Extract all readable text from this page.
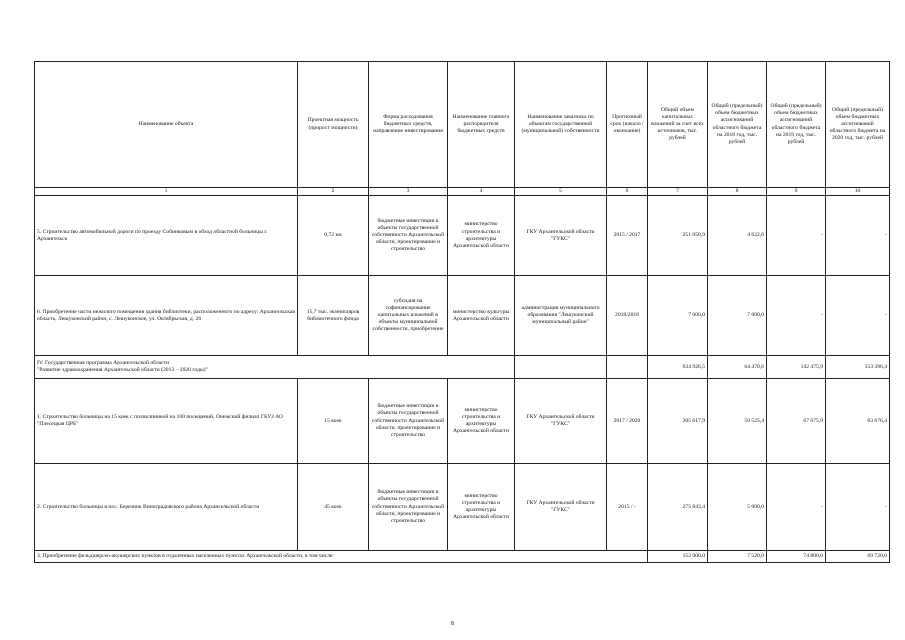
Наименование объекта	Проектная мощность (прирост мощности)	Форма расходования бюджетных средств, направление инвестирования	Наименование главного распорядителя бюджетных средств	Наименование заказчика по объектам государственной (муниципальной) собственности	Прогнозный срок (начало / окончание)	Общий объем капитальных вложений за счет всех источников, тыс. рублей	Общий (предельный) объем бюджетных ассигнований областного бюджета на 2018 год, тыс. рублей	Общий (предельный) объем бюджетных ассигнований областного бюджета на 2019 год, тыс. рублей	Общий (предельный) объем бюджетных ассигнований областного бюджета на 2020 год, тыс. рублей
1	2	3	4	5	6	7	8	9	10
5. Строительство автомобильной дороги по проезду Собинковым в обход областной больницы г. Архангельск	0,72 км	бюджетные инвестиции в объекты государственной собственности Архангельской области, проектирование и строительство	министерство строительства и архитектуры Архангельской области	ГКУ Архангельской области "ГУКС"	2015 / 2017	251 050,9	4 622,6	-	-
6. Приобретение части нежилого помещения здания библиотеки, расположенного по адресу: Архангельская область, Лешуконский район, с. Лешуконское, ул. Октябрьская, д. 26	15,7 тыс. экземпляров библиотечного фонда	субсидия на софинансирование капитальных вложений в объекты муниципальной собственности, приобретение	министерство культуры Архангельской области	администрация муниципального образования "Лешуконский муниципальный район"	2018/2018	7 000,0	7 000,0	-	-

IV. Государственная программа Архангельской области
"Развитие здравоохранения Архангельской области (2013 – 2020 годы)"						634 926,5	64 470,6	142 475,9	153 396,4
1. Строительство больницы на 15 коек с поликлиникой на 100 посещений, Онежский филиал ГБУЗ АО "Плесецкая ЦРБ"	15 коек	бюджетные инвестиции в объекты государственной собственности Архангельской области, проектирование и строительство	министерство строительства и архитектуры Архангельской области	ГКУ Архангельской области "ГУКС"	2017 / 2020	205 617,9	50 525,4	67 675,9	83 676,4
2. Строительство больницы в пос. Березник Виноградовского района Архангельской области	45 коек	бюджетные инвестиции в объекты государственной собственности Архангельской области, проектирование и строительство	министерство строительства и архитектуры Архангельской области	ГКУ Архангельской области "ГУКС"	2015 / -	275 843,4	5 000,0	-	-
3. Приобретение фельдшерско-акушерских пунктов в отдаленных населенных пунктах Архангельской области, в том числе:						152 000,0	7 520,0	74 800,0	69 720,0
8
